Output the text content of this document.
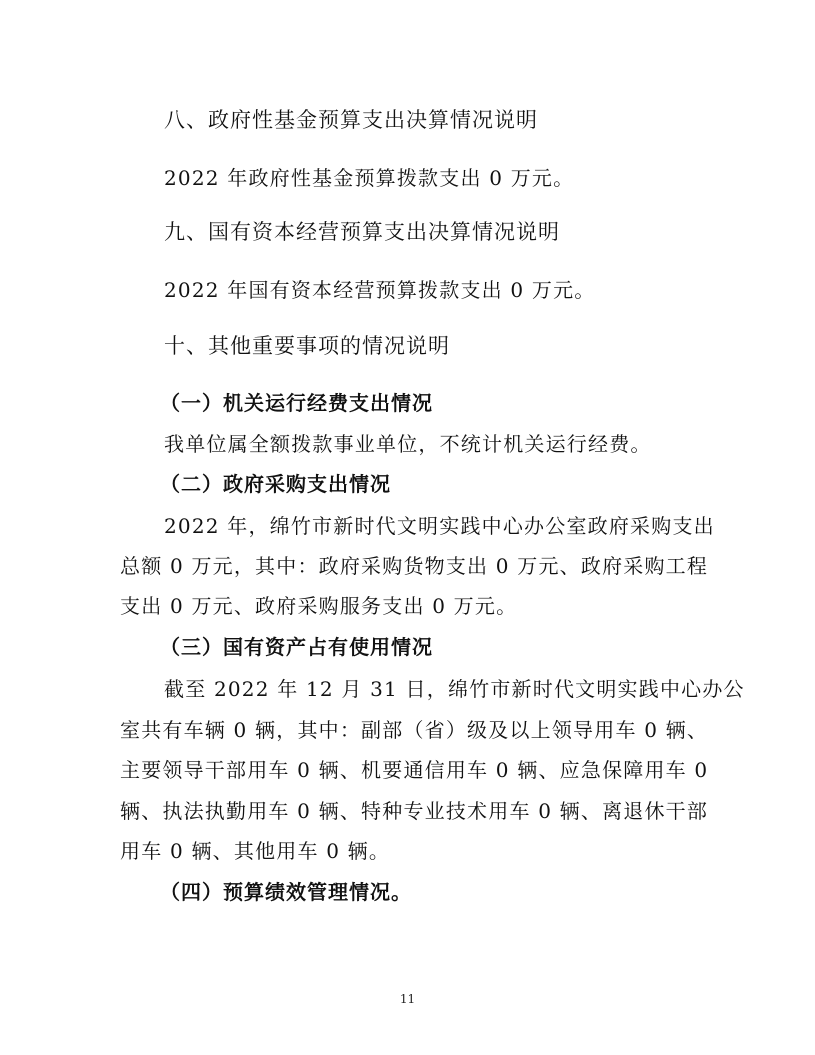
八、政府性基金预算支出决算情况说明
2022 年政府性基金预算拨款支出 0 万元。
九、国有资本经营预算支出决算情况说明
2022 年国有资本经营预算拨款支出 0 万元。
十、其他重要事项的情况说明
（一）机关运行经费支出情况
我单位属全额拨款事业单位，不统计机关运行经费。
（二）政府采购支出情况
2022 年，绵竹市新时代文明实践中心办公室政府采购支出
总额 0 万元，其中：政府采购货物支出 0 万元、政府采购工程
支出 0 万元、政府采购服务支出 0 万元。
（三）国有资产占有使用情况
截至 2022 年 12 月 31 日，绵竹市新时代文明实践中心办公
室共有车辆 0 辆，其中：副部（省）级及以上领导用车 0 辆、
主要领导干部用车 0 辆、机要通信用车 0 辆、应急保障用车 0
辆、执法执勤用车 0 辆、特种专业技术用车 0 辆、离退休干部
用车 0 辆、其他用车 0 辆。
（四）预算绩效管理情况。
11
